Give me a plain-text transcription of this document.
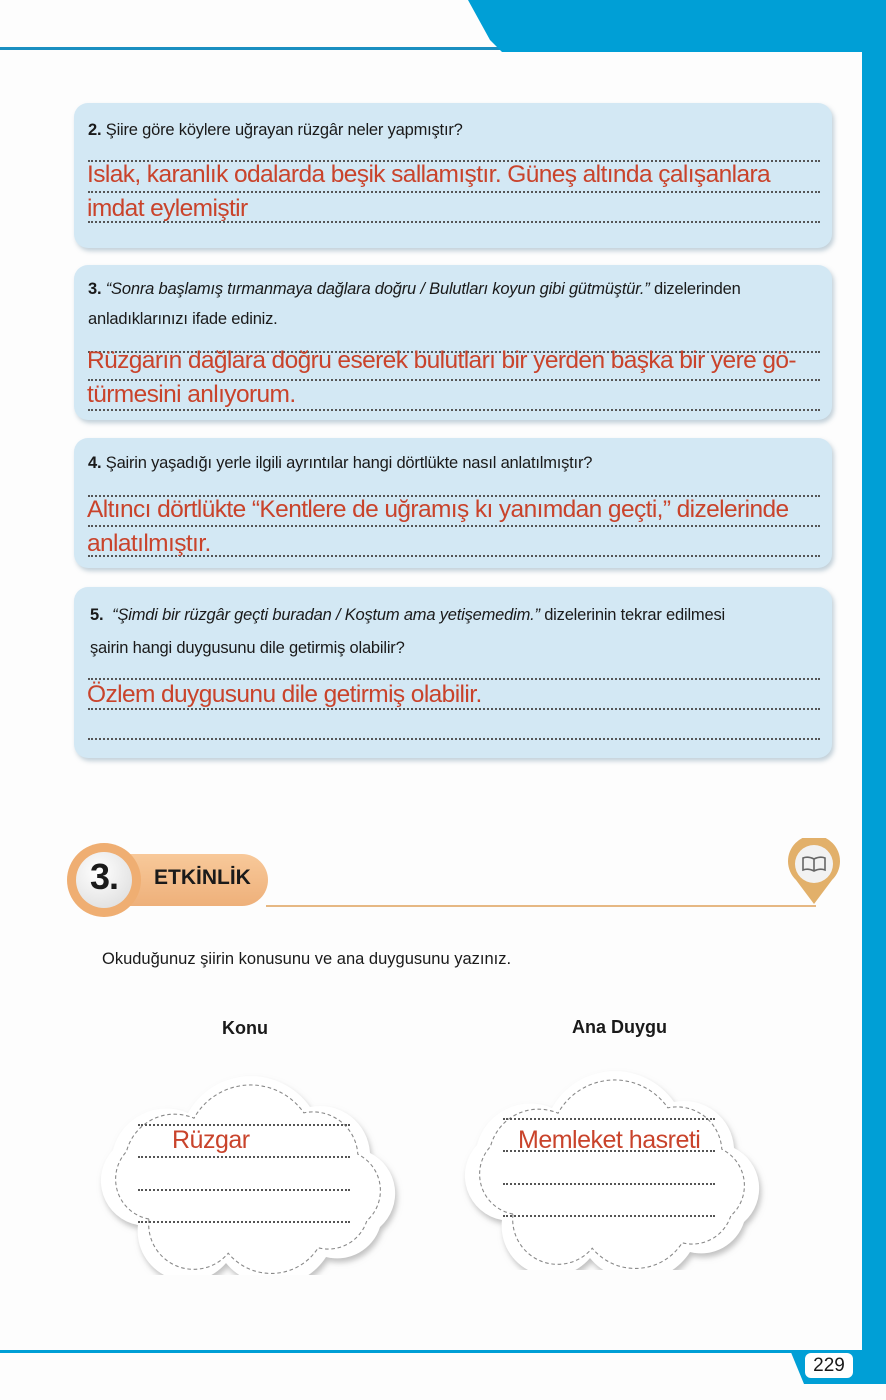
229
2. Şiire göre köylere uğrayan rüzgâr neler yapmıştır?
Islak, karanlık odalarda beşik sallamıştır. Güneş altında çalışanlara
imdat eylemiştir
3. “Sonra başlamış tırmanmaya dağlara doğru / Bulutları koyun gibi gütmüştür.” dizelerinden
anladıklarınızı ifade ediniz.
Rüzgarın dağlara doğru eserek bulutları bir yerden başka bir yere gö-
türmesini anlıyorum.
4. Şairin yaşadığı yerle ilgili ayrıntılar hangi dörtlükte nasıl anlatılmıştır?
Altıncı dörtlükte “Kentlere de uğramış kı yanımdan geçti,” dizelerinde
anlatılmıştır.
5. “Şimdi bir rüzgâr geçti buradan / Koştum ama yetişemedim.” dizelerinin tekrar edilmesi
şairin hangi duygusunu dile getirmiş olabilir?
Özlem duygusunu dile getirmiş olabilir.
ETKİNLİK
3.
Okuduğunuz şiirin konusunu ve ana duygusunu yazınız.
Konu	Ana Duygu
Rüzgar	Memleket hasreti
